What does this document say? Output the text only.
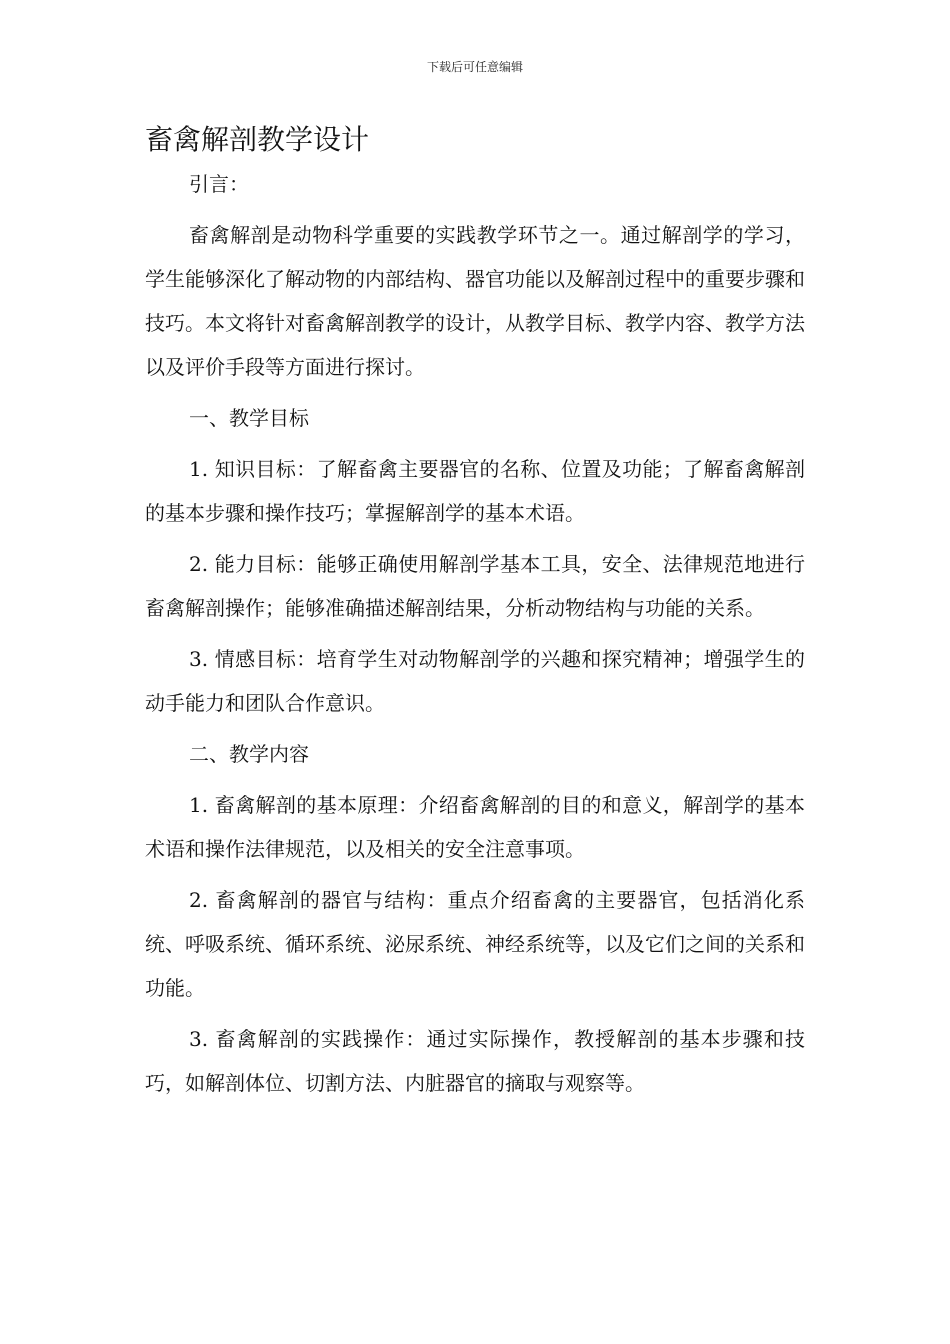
下载后可任意编辑
畜禽解剖教学设计

引言：

畜禽解剖是动物科学重要的实践教学环节之一。通过解剖学的学习，学生能够深化了解动物的内部结构、器官功能以及解剖过程中的重要步骤和技巧。本文将针对畜禽解剖教学的设计，从教学目标、教学内容、教学方法以及评价手段等方面进行探讨。

一、教学目标

1. 知识目标：了解畜禽主要器官的名称、位置及功能；了解畜禽解剖的基本步骤和操作技巧；掌握解剖学的基本术语。

2. 能力目标：能够正确使用解剖学基本工具，安全、法律规范地进行畜禽解剖操作；能够准确描述解剖结果，分析动物结构与功能的关系。

3. 情感目标：培育学生对动物解剖学的兴趣和探究精神；增强学生的动手能力和团队合作意识。

二、教学内容

1. 畜禽解剖的基本原理：介绍畜禽解剖的目的和意义，解剖学的基本术语和操作法律规范，以及相关的安全注意事项。

2. 畜禽解剖的器官与结构：重点介绍畜禽的主要器官，包括消化系统、呼吸系统、循环系统、泌尿系统、神经系统等，以及它们之间的关系和功能。

3. 畜禽解剖的实践操作：通过实际操作，教授解剖的基本步骤和技巧，如解剖体位、切割方法、内脏器官的摘取与观察等。
